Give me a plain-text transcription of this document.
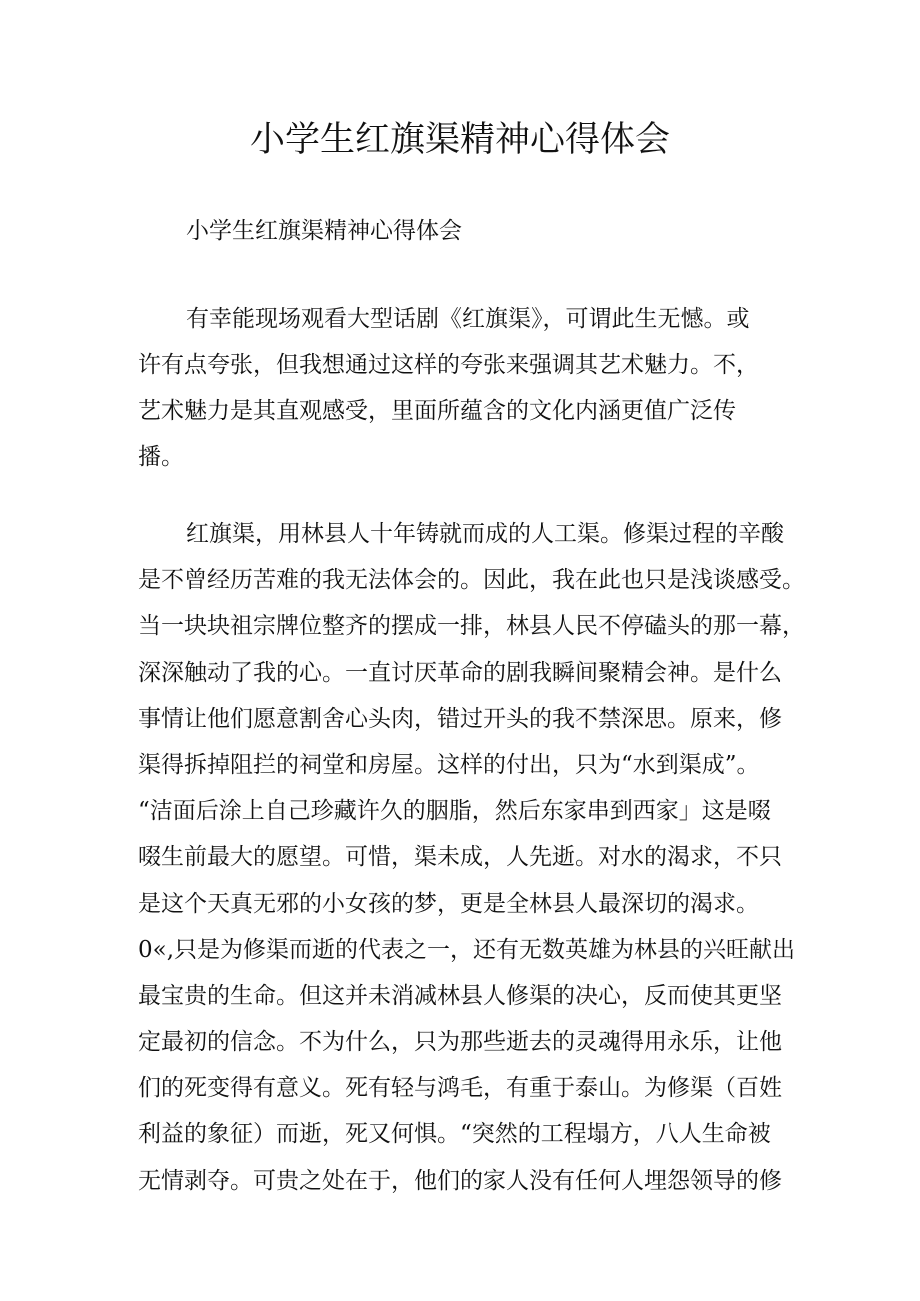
小学生红旗渠精神心得体会

小学生红旗渠精神心得体会

有幸能现场观看大型话剧《红旗渠》，可谓此生无憾。或
许有点夸张，但我想通过这样的夸张来强调其艺术魅力。不，
艺术魅力是其直观感受，里面所蕴含的文化内涵更值广泛传
播。
红旗渠，用林县人十年铸就而成的人工渠。修渠过程的辛酸
是不曾经历苦难的我无法体会的。因此，我在此也只是浅谈感受。
当一块块祖宗牌位整齐的摆成一排，林县人民不停磕头的那一幕，
深深触动了我的心。一直讨厌革命的剧我瞬间聚精会神。是什么
事情让他们愿意割舍心头肉，错过开头的我不禁深思。原来，修
渠得拆掉阻拦的祠堂和房屋。这样的付出，只为“水到渠成”。
“洁面后涂上自己珍藏许久的胭脂，然后东家串到西家」这是啜
啜生前最大的愿望。可惜，渠未成，人先逝。对水的渴求，不只
是这个天真无邪的小女孩的梦，更是全林县人最深切的渴求。
0«,只是为修渠而逝的代表之一，还有无数英雄为林县的兴旺献出
最宝贵的生命。但这并未消减林县人修渠的决心，反而使其更坚
定最初的信念。不为什么，只为那些逝去的灵魂得用永乐，让他
们的死变得有意义。死有轻与鸿毛，有重于泰山。为修渠（百姓
利益的象征）而逝，死又何惧。“突然的工程塌方，八人生命被
无情剥夺。可贵之处在于，他们的家人没有任何人埋怨领导的修
